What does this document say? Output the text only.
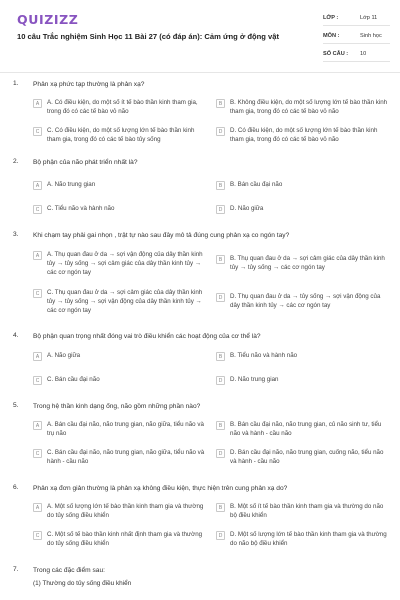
QUIZIZZ
10 câu Trắc nghiệm Sinh Học 11 Bài 27 (có đáp án): Cảm ứng ở động vật
LỚP :	Lớp 11
MÔN :	Sinh học
SỐ CÂU : 10
1. Phản xạ phức tạp thường là phản xạ?
A	A. Có điều kiện, do một số ít tế bào thần kinh tham gia, trong đó có các tế bào vỏ não
B	B. Không điều kiện, do một số lượng lớn tế bào thần kinh tham gia, trong đó có các tế bào vỏ não
C	C. Có điều kiện, do một số lượng lớn tế bào thần kinh tham gia, trong đó có các tế bào tủy sống
D	D. Có điều kiện, do một số lượng lớn tế bào thần kinh tham gia, trong đó có các tế bào vỏ não
2. Bộ phận của não phát triển nhất là?
A	A. Não trung gian	B	B. Bán cầu đại não
C	C. Tiểu não và hành não	D	D. Não giữa
3. Khi chạm tay phải gai nhọn , trật tự nào sau đây mô tả đúng cung phản xạ co ngón tay?
A	A. Thụ quan đau ở da → sợi vận động của dây thần kinh tủy → tủy sống → sợi cảm giác của dây thần kinh tủy → các cơ ngón tay
B	B. Thụ quan đau ở da → sợi cảm giác của dây thần kinh tủy → tủy sống → các cơ ngón tay
C	C. Thụ quan đau ở da → sợi cảm giác của dây thần kinh tủy → tủy sống → sợi vận động của dây thần kinh tủy → các cơ ngón tay
D	D. Thụ quan đau ở da → tủy sống → sợi vận động của dây thần kinh tủy → các cơ ngón tay
4. Bộ phận quan trọng nhất đóng vai trò điều khiển các hoạt động của cơ thể là?
A	A. Não giữa	B	B. Tiểu não và hành não
C	C. Bán cầu đại não	D	D. Não trung gian
5. Trong hệ thần kinh dạng ống, não gồm những phần nào?
A	A. Bán cầu đại não, não trung gian, não giữa, tiểu não và trụ não
B	B. Bán cầu đại não, não trung gian, củ não sinh tư, tiểu não và hành - cầu não
C	C. Bán cầu đại não, não trung gian, não giữa, tiểu não và hành - cầu não
D	D. Bán cầu đại não, não trung gian, cuống não, tiểu não và hành - cầu não
6. Phản xạ đơn giản thường là phản xạ không điều kiện, thực hiện trên cung phản xạ do?
A	A. Một số lượng lớn tế bào thần kinh tham gia và thường do tủy sống điều khiển
B	B. Một số ít tế bào thần kinh tham gia và thường do não bộ điều khiển
C	C. Một số tế bào thần kinh nhất định tham gia và thường do tủy sống điều khiển
D	D. Một số lượng lớn tế bào thần kinh tham gia và thường do não bộ điều khiển
7. Trong các đặc điểm sau:
(1) Thường do tủy sống điều khiển
